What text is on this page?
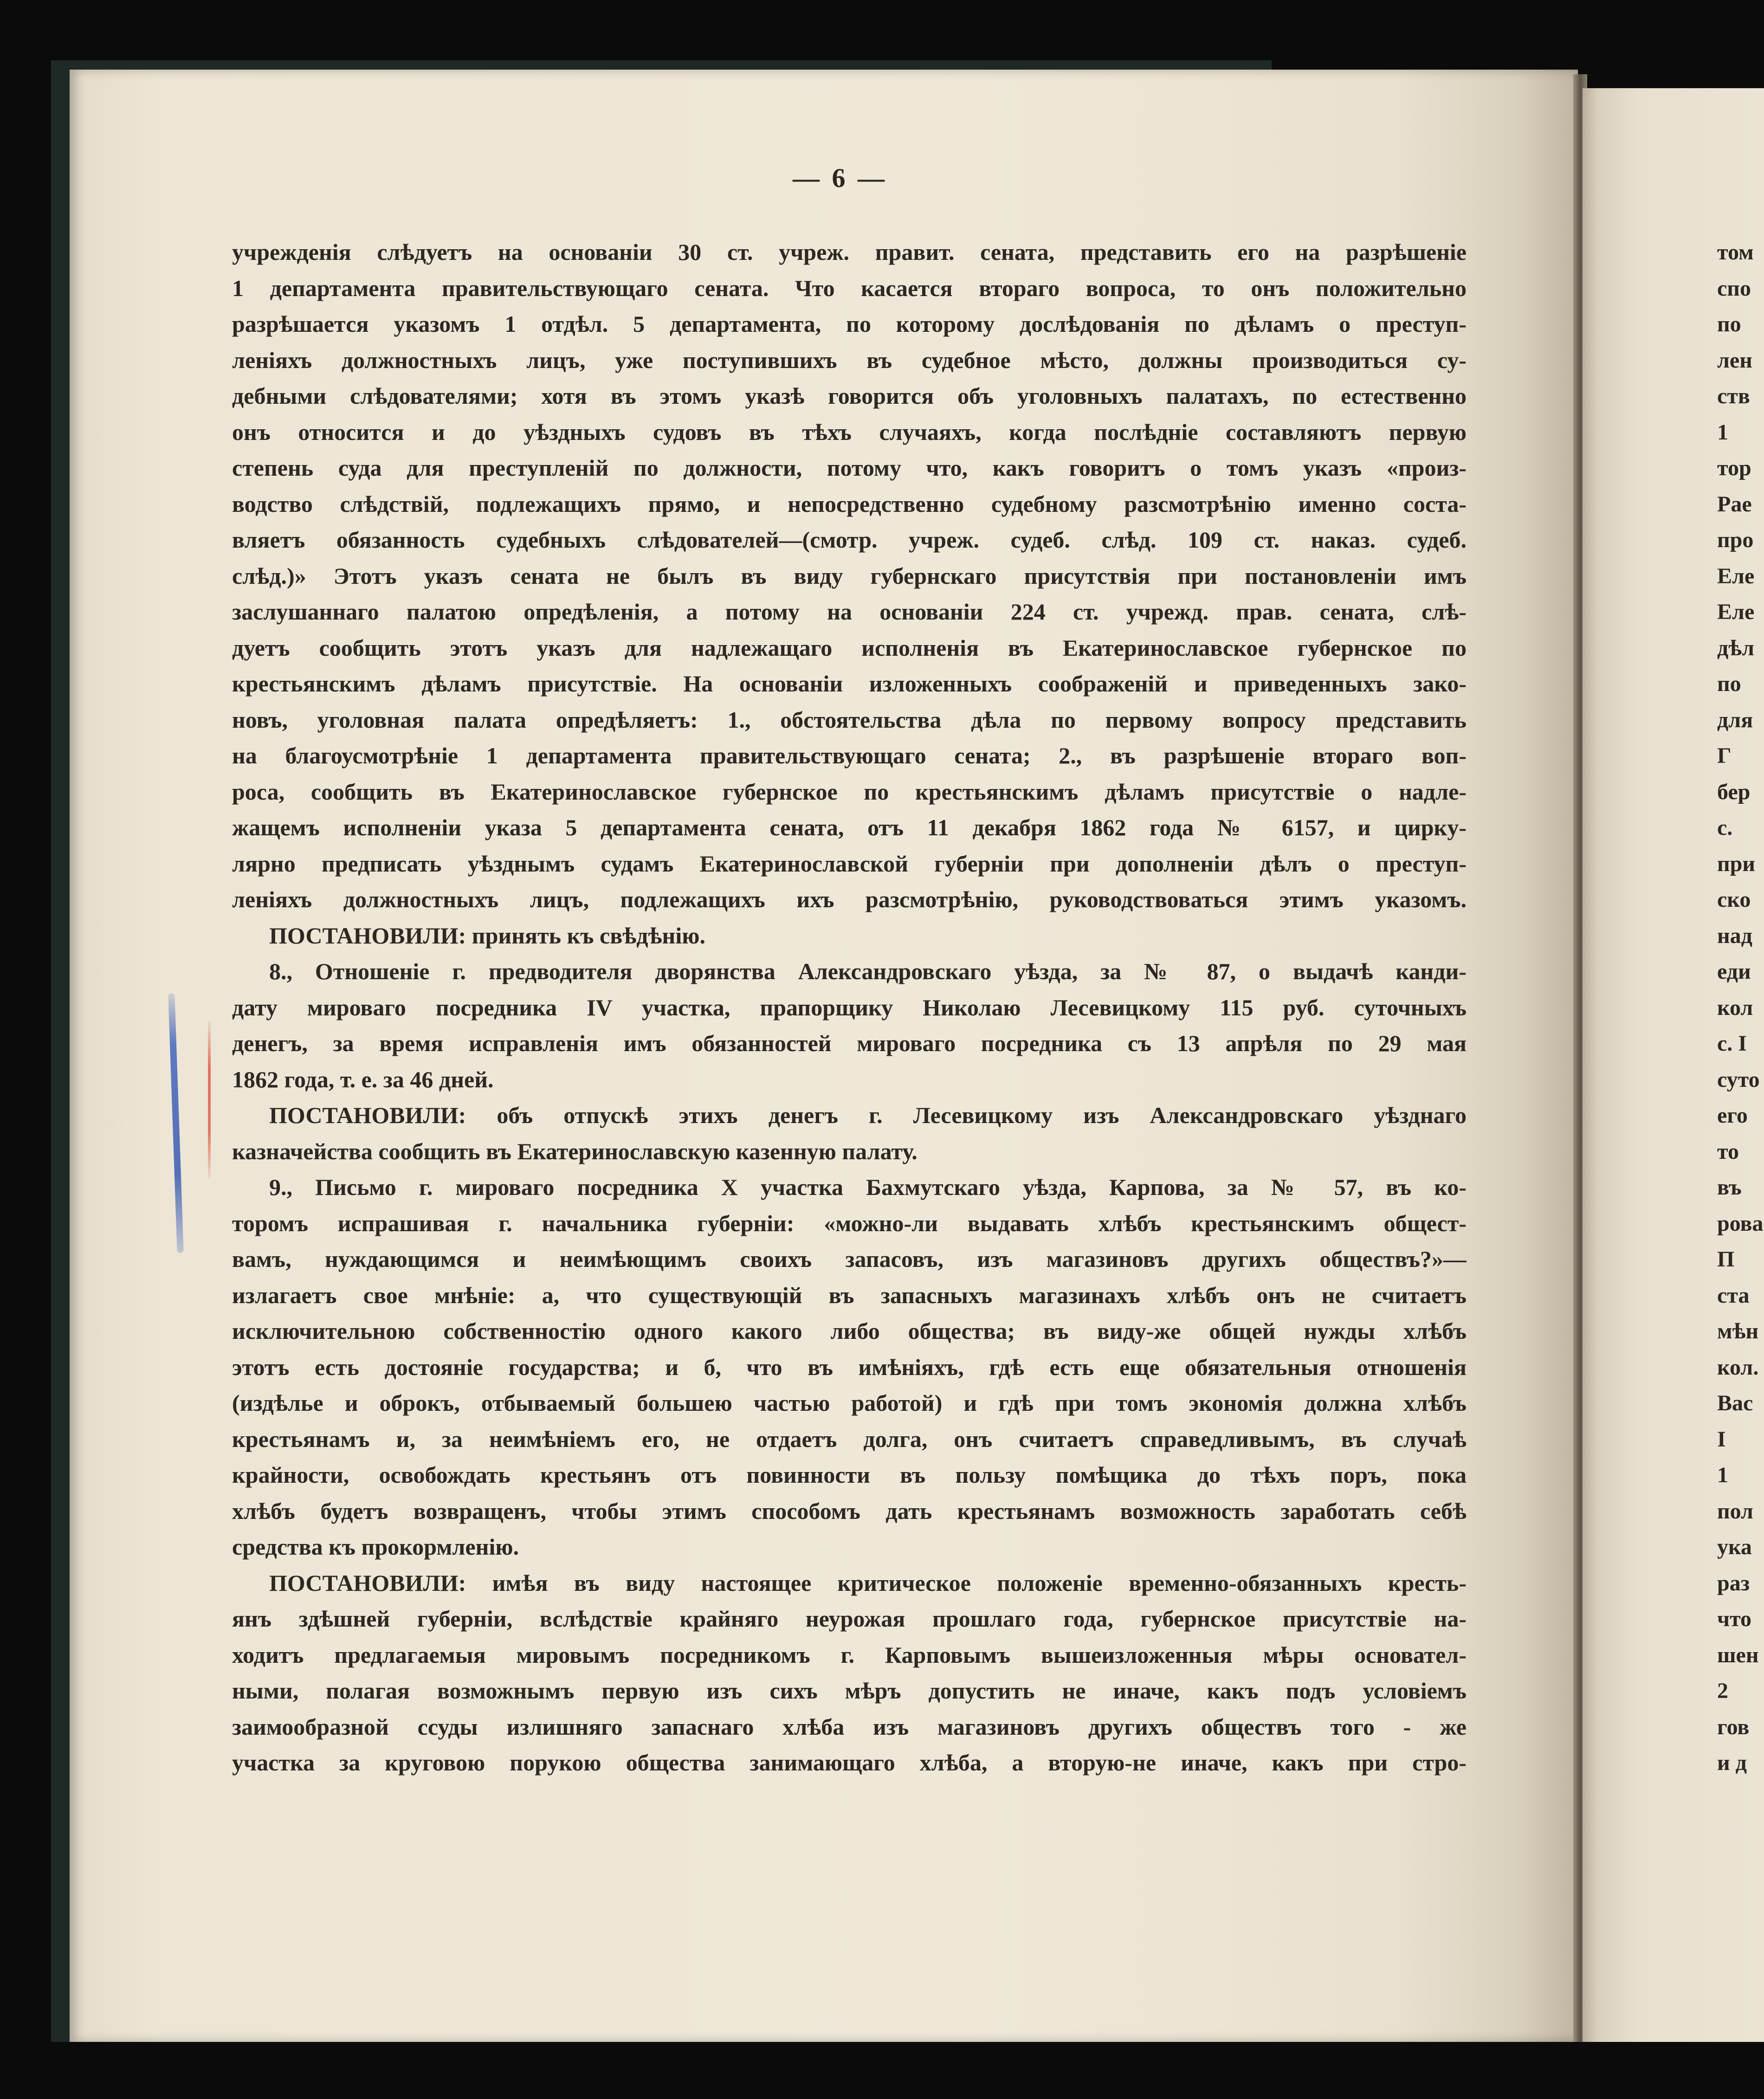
— 6 —
учрежденія слѣдуетъ на основаніи 30 ст. учреж. правит. сената, представить его на разрѣшеніе
1 департамента правительствующаго сената. Что касается втораго вопроса, то онъ положительно
разрѣшается указомъ 1 отдѣл. 5 департамента, по которому дослѣдованія по дѣламъ о преступ-
леніяхъ должностныхъ лицъ, уже поступившихъ въ судебное мѣсто, должны производиться су-
дебными слѣдователями; хотя въ этомъ указѣ говорится объ уголовныхъ палатахъ, по естественно
онъ относится и до уѣздныхъ судовъ въ тѣхъ случаяхъ, когда послѣдніе составляютъ первую
степень суда для преступленій по должности, потому что, какъ говоритъ о томъ указъ «произ-
водство слѣдствій, подлежащихъ прямо, и непосредственно судебному разсмотрѣнію именно соста-
вляетъ обязанность судебныхъ слѣдователей—(смотр. учреж. судеб. слѣд. 109 ст. наказ. судеб.
слѣд.)» Этотъ указъ сената не былъ въ виду губернскаго присутствія при постановленіи имъ
заслушаннаго палатою опредѣленія, а потому на основаніи 224 ст. учрежд. прав. сената, слѣ-
дуетъ сообщить этотъ указъ для надлежащаго исполненія въ Екатеринославское губернское по
крестьянскимъ дѣламъ присутствіе. На основаніи изложенныхъ соображеній и приведенныхъ зако-
новъ, уголовная палата опредѣляетъ: 1., обстоятельства дѣла по первому вопросу представить
на благоусмотрѣніе 1 департамента правительствующаго сената; 2., въ разрѣшеніе втораго воп-
роса, сообщить въ Екатеринославское губернское по крестьянскимъ дѣламъ присутствіе о надле-
жащемъ исполненіи указа 5 департамента сената, отъ 11 декабря 1862 года № 6157, и циркy-
лярно предписать уѣзднымъ судамъ Екатеринославской губерніи при дополненіи дѣлъ о преступ-
леніяхъ должностныхъ лицъ, подлежащихъ ихъ разсмотрѣнію, руководствоваться этимъ указомъ.
ПОСТАНОВИЛИ: принять къ свѣдѣнію.
8., Отношеніе г. предводителя дворянства Александровскаго уѣзда, за № 87, о выдачѣ канди-
дату мироваго посредника IV участка, прапорщику Николаю Лесевицкому 115 руб. суточныхъ
денегъ, за время исправленія имъ обязанностей мироваго посредника съ 13 апрѣля по 29 мая
1862 года, т. е. за 46 дней.
ПОСТАНОВИЛИ: объ отпускѣ этихъ денегъ г. Лесевицкому изъ Александровскаго уѣзднаго
казначейства сообщить въ Екатеринославскую казенную палату.
9., Письмо г. мироваго посредника X участка Бахмутскаго уѣзда, Карпова, за № 57, въ ко-
торомъ испрашивая г. начальника губерніи: «можно-ли выдавать хлѣбъ крестьянскимъ общест-
вамъ, нуждающимся и неимѣющимъ своихъ запасовъ, изъ магазиновъ другихъ обществъ?»—
излагаетъ свое мнѣніе: а, что существующій въ запасныхъ магазинахъ хлѣбъ онъ не считаетъ
исключительною собственностію одного какого либо общества; въ виду-же общей нужды хлѣбъ
этотъ есть достояніе государства; и б, что въ имѣніяхъ, гдѣ есть еще обязательныя отношенія
(издѣлье и оброкъ, отбываемый большею частью работой) и гдѣ при томъ экономія должна хлѣбъ
крестьянамъ и, за неимѣніемъ его, не отдаетъ долга, онъ считаетъ справедливымъ, въ случаѣ
крайности, освобождать крестьянъ отъ повинности въ пользу помѣщика до тѣхъ поръ, пока
хлѣбъ будетъ возвращенъ, чтобы этимъ способомъ дать крестьянамъ возможность заработать себѣ
средства къ прокормленію.
ПОСТАНОВИЛИ: имѣя въ виду настоящее критическое положеніе временно-обязанныхъ кресть-
янъ здѣшней губерніи, вслѣдствіе крайняго неурожая прошлаго года, губернское присутствіе на-
ходитъ предлагаемыя мировымъ посредникомъ г. Карповымъ вышеизложенныя мѣры основател-
ными, полагая возможнымъ первую изъ сихъ мѣръ допустить не иначе, какъ подъ условіемъ
заимообразной ссуды излишняго запаснаго хлѣба изъ магазиновъ другихъ обществъ того - же
участка за круговою порукою общества занимающаго хлѣба, а вторую-не иначе, какъ при стро-
том
спо
по
лен
ств
1
тор
Рае
про
Еле
Еле
дѣл
по
для
Г
бер
с.
при
ско
над
еди
кол
с. I
суто
его
то
въ
рова
П
ста
мѣн
кол.
Вас
I
1
пол
ука
раз
что
шен
2
гов
и д
